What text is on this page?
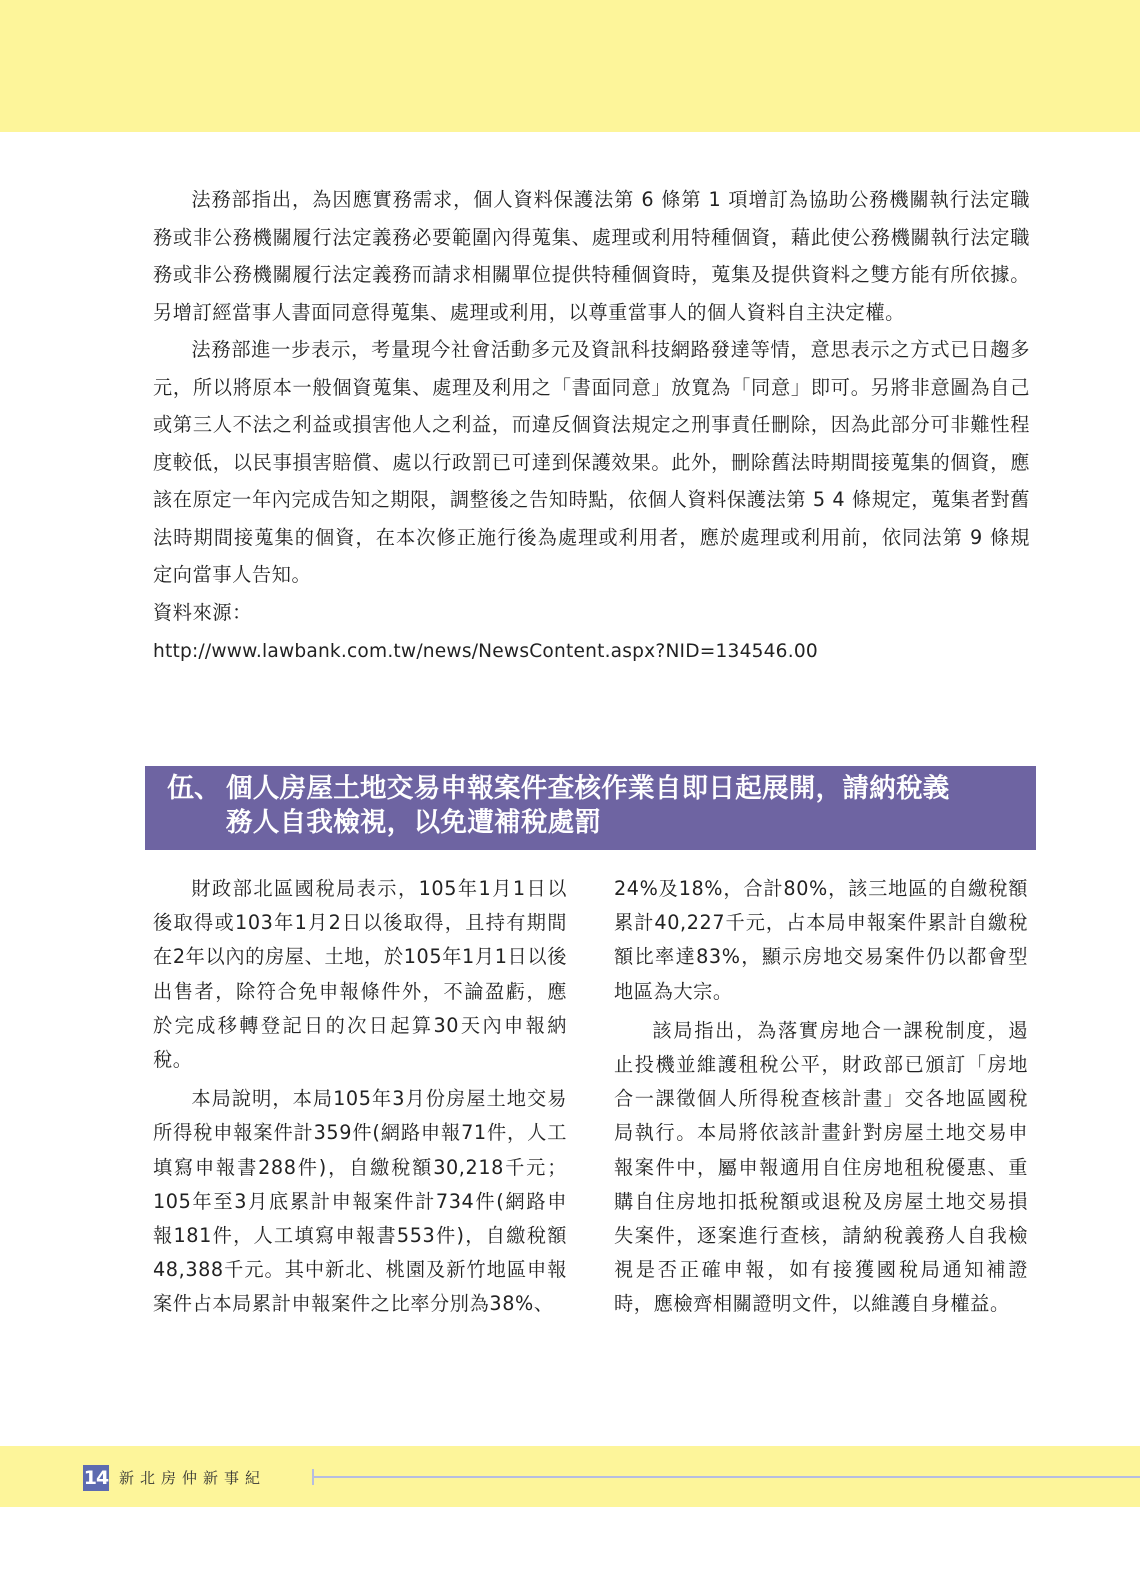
法務部指出，為因應實務需求，個人資料保護法第 6 條第 1 項增訂為協助公務機關執行法定職務或非公務機關履行法定義務必要範圍內得蒐集、處理或利用特種個資，藉此使公務機關執行法定職務或非公務機關履行法定義務而請求相關單位提供特種個資時，蒐集及提供資料之雙方能有所依據。另增訂經當事人書面同意得蒐集、處理或利用，以尊重當事人的個人資料自主決定權。

法務部進一步表示，考量現今社會活動多元及資訊科技網路發達等情，意思表示之方式已日趨多元，所以將原本一般個資蒐集、處理及利用之「書面同意」放寬為「同意」即可。另將非意圖為自己或第三人不法之利益或損害他人之利益，而違反個資法規定之刑事責任刪除，因為此部分可非難性程度較低，以民事損害賠償、處以行政罰已可達到保護效果。此外，刪除舊法時期間接蒐集的個資，應該在原定一年內完成告知之期限，調整後之告知時點，依個人資料保護法第 5 4 條規定，蒐集者對舊法時期間接蒐集的個資，在本次修正施行後為處理或利用者，應於處理或利用前，依同法第 9 條規定向當事人告知。

資料來源：

http://www.lawbank.com.tw/news/NewsContent.aspx?NID=134546.00

伍、 個人房屋土地交易申報案件查核作業自即日起展開，請納稅義
務人自我檢視，以免遭補稅處罰

財政部北區國稅局表示，105年1月1日以後取得或103年1月2日以後取得，且持有期間在2年以內的房屋、土地，於105年1月1日以後出售者，除符合免申報條件外，不論盈虧，應於完成移轉登記日的次日起算30天內申報納稅。

本局說明，本局105年3月份房屋土地交易所得稅申報案件計359件(網路申報71件，人工填寫申報書288件)，自繳稅額30,218千元；105年至3月底累計申報案件計734件(網路申報181件，人工填寫申報書553件)，自繳稅額48,388千元。其中新北、桃園及新竹地區申報案件占本局累計申報案件之比率分別為38%、

24%及18%，合計80%，該三地區的自繳稅額累計40,227千元，占本局申報案件累計自繳稅額比率達83%，顯示房地交易案件仍以都會型地區為大宗。

該局指出，為落實房地合一課稅制度，遏止投機並維護租稅公平，財政部已頒訂「房地合一課徵個人所得稅查核計畫」交各地區國稅局執行。本局將依該計畫針對房屋土地交易申報案件中，屬申報適用自住房地租稅優惠、重購自住房地扣抵稅額或退稅及房屋土地交易損失案件，逐案進行查核，請納稅義務人自我檢視是否正確申報，如有接獲國稅局通知補證時，應檢齊相關證明文件，以維護自身權益。

14 新北房仲新事紀
